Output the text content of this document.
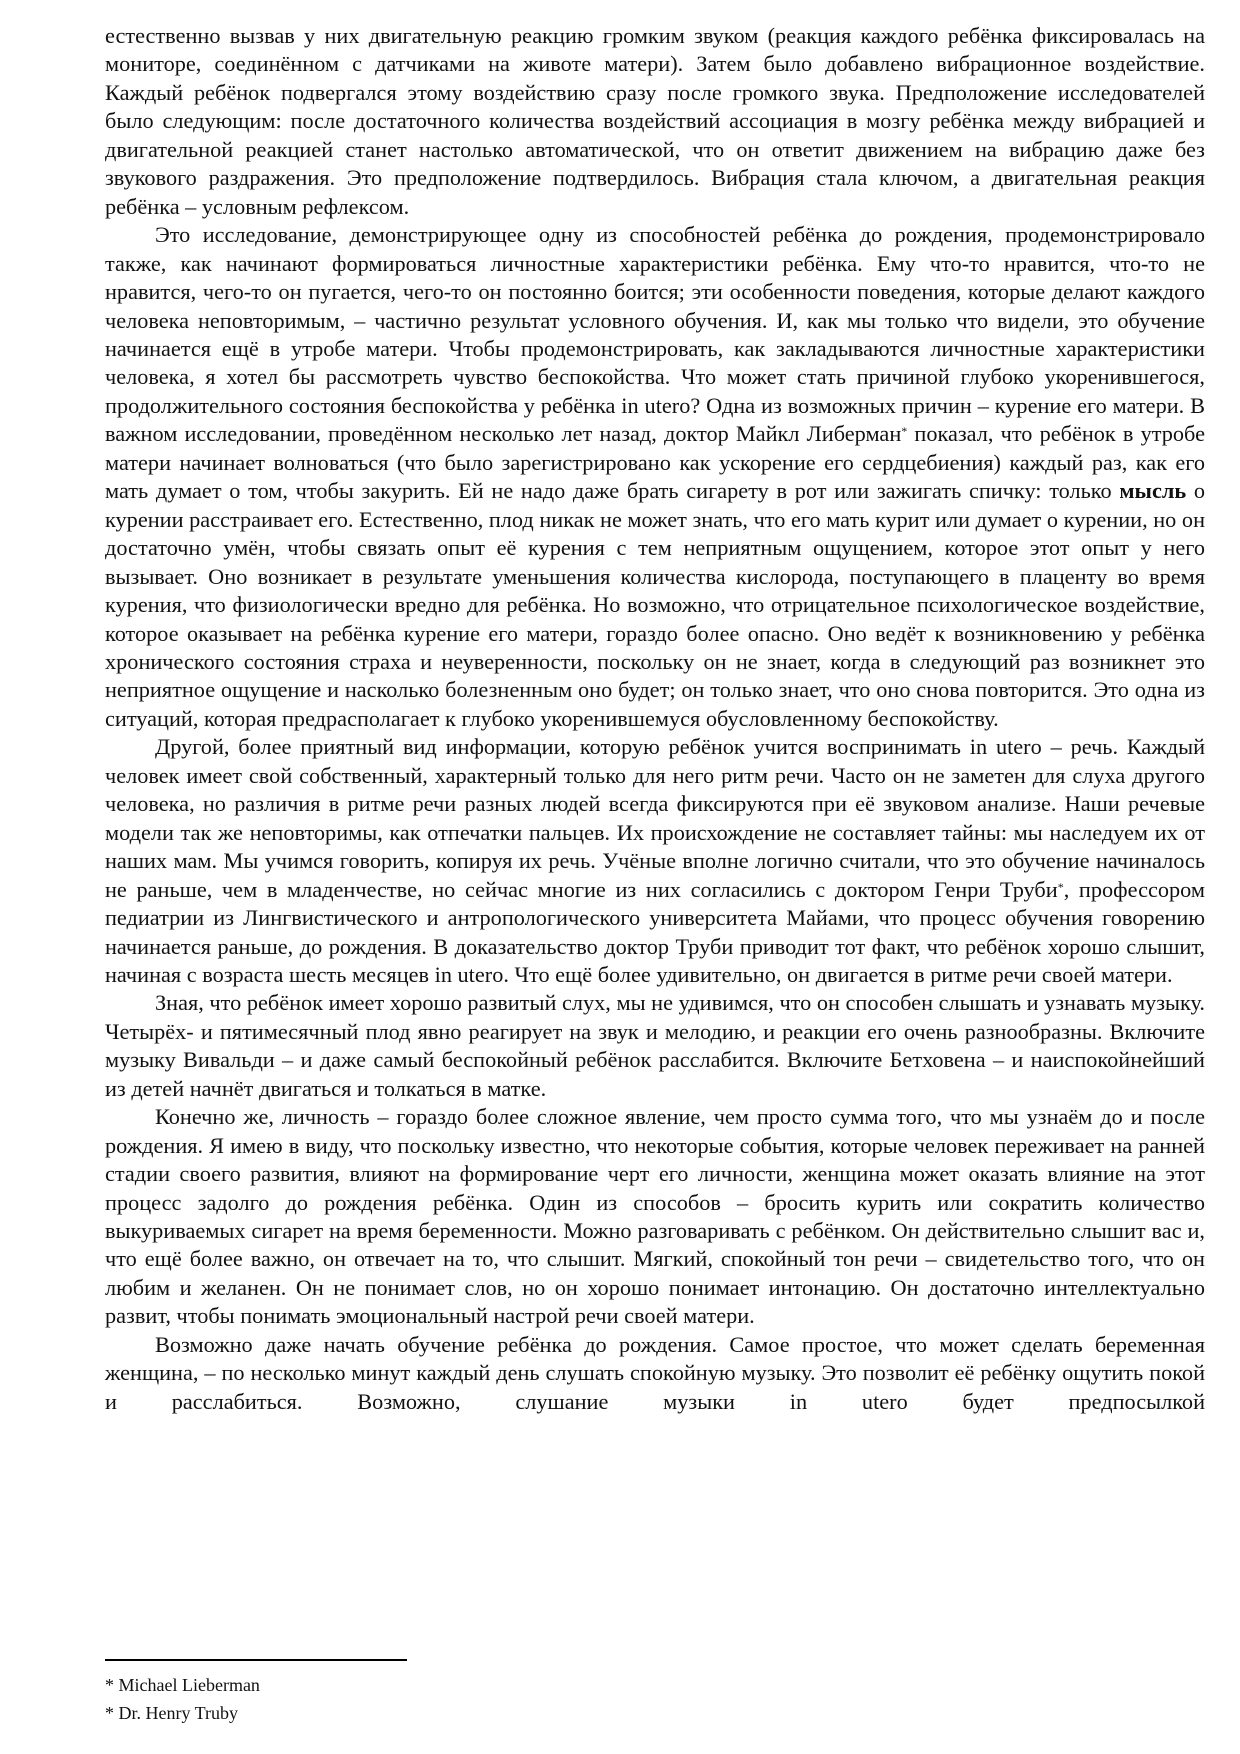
естественно вызвав у них двигательную реакцию громким звуком (реакция каждого ребёнка фиксировалась на мониторе, соединённом с датчиками на животе матери). Затем было добавлено вибрационное воздействие. Каждый ребёнок подвергался этому воздействию сразу после громкого звука. Предположение исследователей было следующим: после достаточного количества воздействий ассоциация в мозгу ребёнка между вибрацией и двигательной реакцией станет настолько автоматической, что он ответит движением на вибрацию даже без звукового раздражения. Это предположение подтвердилось. Вибрация стала ключом, а двигательная реакция ребёнка – условным рефлексом.

Это исследование, демонстрирующее одну из способностей ребёнка до рождения, продемонстрировало также, как начинают формироваться личностные характеристики ребёнка. Ему что-то нравится, что-то не нравится, чего-то он пугается, чего-то он постоянно боится; эти особенности поведения, которые делают каждого человека неповторимым, – частично результат условного обучения. И, как мы только что видели, это обучение начинается ещё в утробе матери. Чтобы продемонстрировать, как закладываются личностные характеристики человека, я хотел бы рассмотреть чувство беспокойства. Что может стать причиной глубоко укоренившегося, продолжительного состояния беспокойства у ребёнка in utero? Одна из возможных причин – курение его матери. В важном исследовании, проведённом несколько лет назад, доктор Майкл Либерман* показал, что ребёнок в утробе матери начинает волноваться (что было зарегистрировано как ускорение его сердцебиения) каждый раз, как его мать думает о том, чтобы закурить. Ей не надо даже брать сигарету в рот или зажигать спичку: только мысль о курении расстраивает его. Естественно, плод никак не может знать, что его мать курит или думает о курении, но он достаточно умён, чтобы связать опыт её курения с тем неприятным ощущением, которое этот опыт у него вызывает. Оно возникает в результате уменьшения количества кислорода, поступающего в плаценту во время курения, что физиологически вредно для ребёнка. Но возможно, что отрицательное психологическое воздействие, которое оказывает на ребёнка курение его матери, гораздо более опасно. Оно ведёт к возникновению у ребёнка хронического состояния страха и неуверенности, поскольку он не знает, когда в следующий раз возникнет это неприятное ощущение и насколько болезненным оно будет; он только знает, что оно снова повторится. Это одна из ситуаций, которая предрасполагает к глубоко укоренившемуся обусловленному беспокойству.

Другой, более приятный вид информации, которую ребёнок учится воспринимать in utero – речь. Каждый человек имеет свой собственный, характерный только для него ритм речи. Часто он не заметен для слуха другого человека, но различия в ритме речи разных людей всегда фиксируются при её звуковом анализе. Наши речевые модели так же неповторимы, как отпечатки пальцев. Их происхождение не составляет тайны: мы наследуем их от наших мам. Мы учимся говорить, копируя их речь. Учёные вполне логично считали, что это обучение начиналось не раньше, чем в младенчестве, но сейчас многие из них согласились с доктором Генри Труби*, профессором педиатрии из Лингвистического и антропологического университета Майами, что процесс обучения говорению начинается раньше, до рождения. В доказательство доктор Труби приводит тот факт, что ребёнок хорошо слышит, начиная с возраста шесть месяцев in utero. Что ещё более удивительно, он двигается в ритме речи своей матери.

Зная, что ребёнок имеет хорошо развитый слух, мы не удивимся, что он способен слышать и узнавать музыку. Четырёх- и пятимесячный плод явно реагирует на звук и мелодию, и реакции его очень разнообразны. Включите музыку Вивальди – и даже самый беспокойный ребёнок расслабится. Включите Бетховена – и наиспокойнейший из детей начнёт двигаться и толкаться в матке.

Конечно же, личность – гораздо более сложное явление, чем просто сумма того, что мы узнаём до и после рождения. Я имею в виду, что поскольку известно, что некоторые события, которые человек переживает на ранней стадии своего развития, влияют на формирование черт его личности, женщина может оказать влияние на этот процесс задолго до рождения ребёнка. Один из способов – бросить курить или сократить количество выкуриваемых сигарет на время беременности. Можно разговаривать с ребёнком. Он действительно слышит вас и, что ещё более важно, он отвечает на то, что слышит. Мягкий, спокойный тон речи – свидетельство того, что он любим и желанен. Он не понимает слов, но он хорошо понимает интонацию. Он достаточно интеллектуально развит, чтобы понимать эмоциональный настрой речи своей матери.

Возможно даже начать обучение ребёнка до рождения. Самое простое, что может сделать беременная женщина, – по несколько минут каждый день слушать спокойную музыку. Это позволит её ребёнку ощутить покой и расслабиться. Возможно, слушание музыки in utero будет предпосылкой

* Michael Lieberman
* Dr. Henry Truby
